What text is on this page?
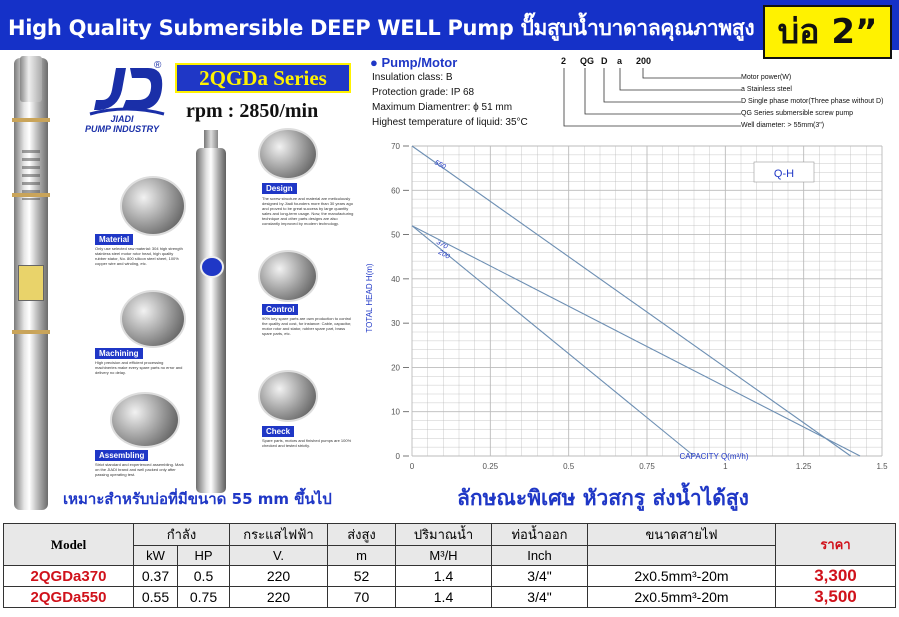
High Quality Submersible DEEP WELL Pump ปั๊มสูบน้ำบาดาลคุณภาพสูง บ่อ 2”
®
JIADI
PUMP INDUSTRY
2QGDa Series
rpm : 2850/min
Design
The screw structure and material are meticulously designed by Jiadi founders more than 30 years ago and proved to be great success by large quantity sales and long-term usage. Now, the manufacturing technique and other parts designs are also constantly improved by modern technology.
Material
Only use selected raw material: 304 high strength stainless steel motor rotor head, high quality rubber stator, No. 800 silicon steel sheet, 100% copper wire and winding, etc.
Control
90% key spare parts are own production to control the quality and cost, for instance: Cable, capacitor, motor rotor and stator, rubber spare part, brass spare parts, etc.
Machining
High precision and efficient processing machineries make every spare parts no error and delivery no delay.
Check
Spare parts, motors and finished pumps are 100% checked and tested strictly.
Assembling
Strict standard and experienced assembling. Mark on the JIADI brand and well packed only after passing operating test.
● Pump/Motor
Insulation class: B
Protection grade: IP 68
Maximum Diamentrer: ϕ 51 mm
Highest temperature of liquid: 35°C
2 QG D a 200
Motor power(W)
a Stainless steel
D Single phase motor(Three phase without D)
QG Series submersible screw pump
Well diameter: > 55mm(3")
550
370
200
0	0.25	0.5	0.75	1	1.25	1.5
0
10
20
30
40
50
60
70
Q-H
CAPACITY Q(m³/h)
TOTAL HEAD H(m)
เหมาะสำหรับบ่อที่มีขนาด 55 mm ขึ้นไป	ลักษณะพิเศษ หัวสกรู ส่งน้ำได้สูง
Model	กำลัง		กระแสไฟฟ้า	ส่งสูง	ปริมาณน้ำ	ท่อน้ำออก	ขนาดสายไฟ	ราคา
	kW	HP	V.	m	M³/H	Inch		
2QGDa370	0.37	0.5	220	52	1.4	3/4"	2x0.5mm³-20m	3,300
2QGDa550	0.55	0.75	220	70	1.4	3/4"	2x0.5mm³-20m	3,500
